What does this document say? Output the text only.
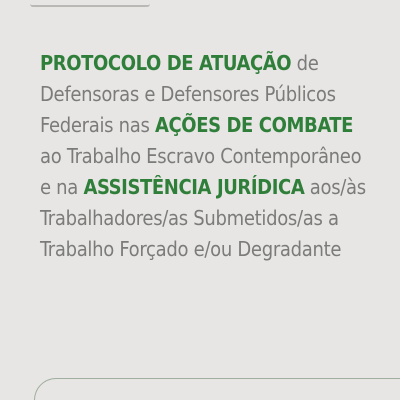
· · · · · · · · · · · · · · · · · ·
PROTOCOLO DE ATUAÇÃO de
Defensoras e Defensores Públicos
Federais nas AÇÕES DE COMBATE
ao Trabalho Escravo Contemporâneo
e na ASSISTÊNCIA JURÍDICA aos/às
Trabalhadores/as Submetidos/as a
Trabalho Forçado e/ou Degradante
